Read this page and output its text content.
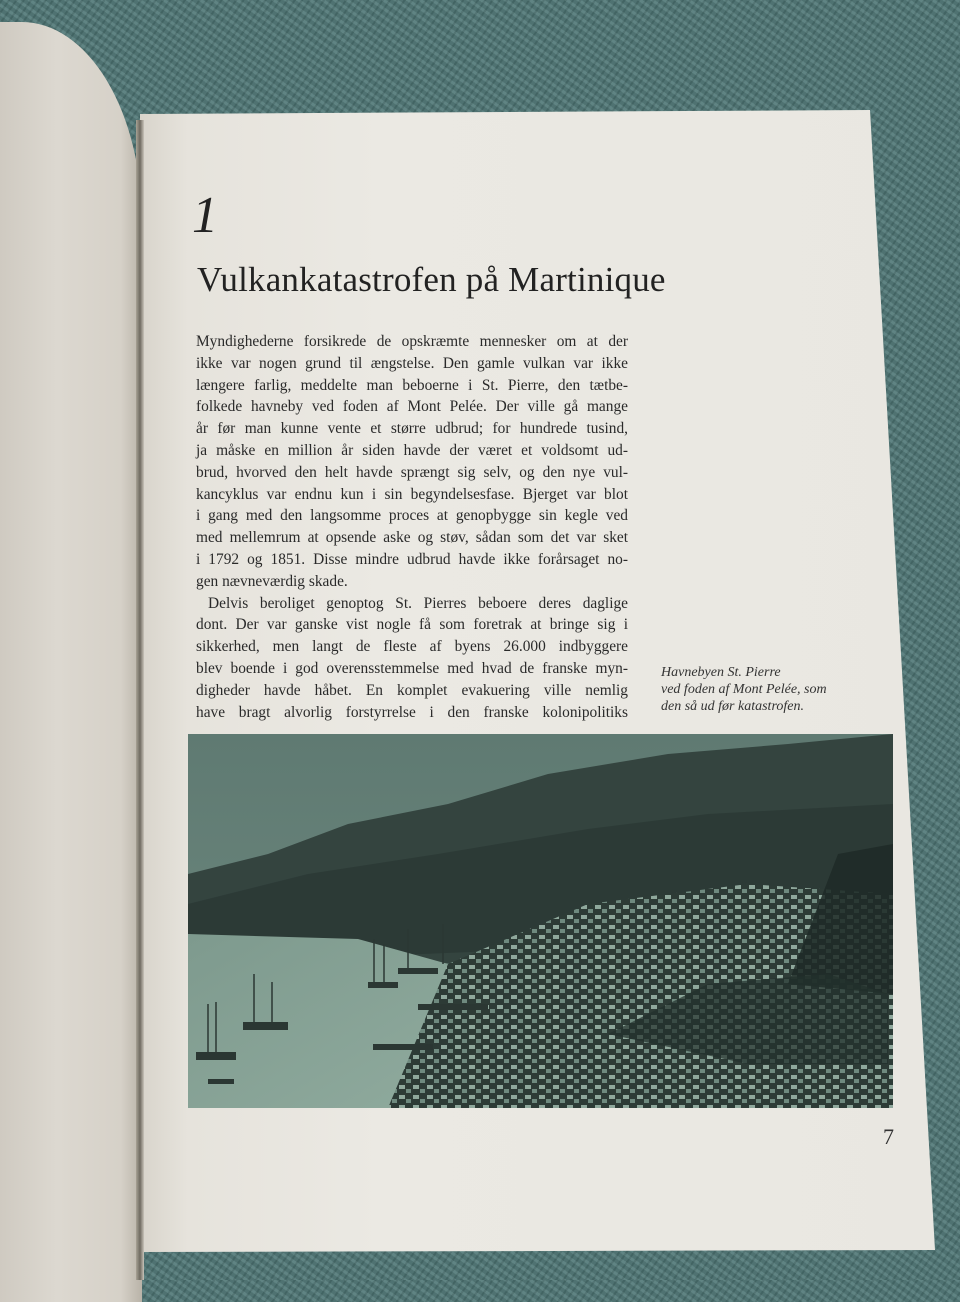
1
Vulkankatastrofen på Martinique
Myndighederne forsikrede de opskræmte mennesker om at der
ikke var nogen grund til ængstelse. Den gamle vulkan var ikke
længere farlig, meddelte man beboerne i St. Pierre, den tætbe-
folkede havneby ved foden af Mont Pelée. Der ville gå mange
år før man kunne vente et større udbrud; for hundrede tusind,
ja måske en million år siden havde der været et voldsomt ud-
brud, hvorved den helt havde sprængt sig selv, og den nye vul-
kancyklus var endnu kun i sin begyndelsesfase. Bjerget var blot
i gang med den langsomme proces at genopbygge sin kegle ved
med mellemrum at opsende aske og støv, sådan som det var sket
i 1792 og 1851. Disse mindre udbrud havde ikke forårsaget no-
gen nævneværdig skade.
Delvis beroliget genoptog St. Pierres beboere deres daglige
dont. Der var ganske vist nogle få som foretrak at bringe sig i
sikkerhed, men langt de fleste af byens 26.000 indbyggere
blev boende i god overensstemmelse med hvad de franske myn-
digheder havde håbet. En komplet evakuering ville nemlig
have bragt alvorlig forstyrrelse i den franske kolonipolitiks
Havnebyen St. Pierre
ved foden af Mont Pelée, som
den så ud før katastrofen.
7
